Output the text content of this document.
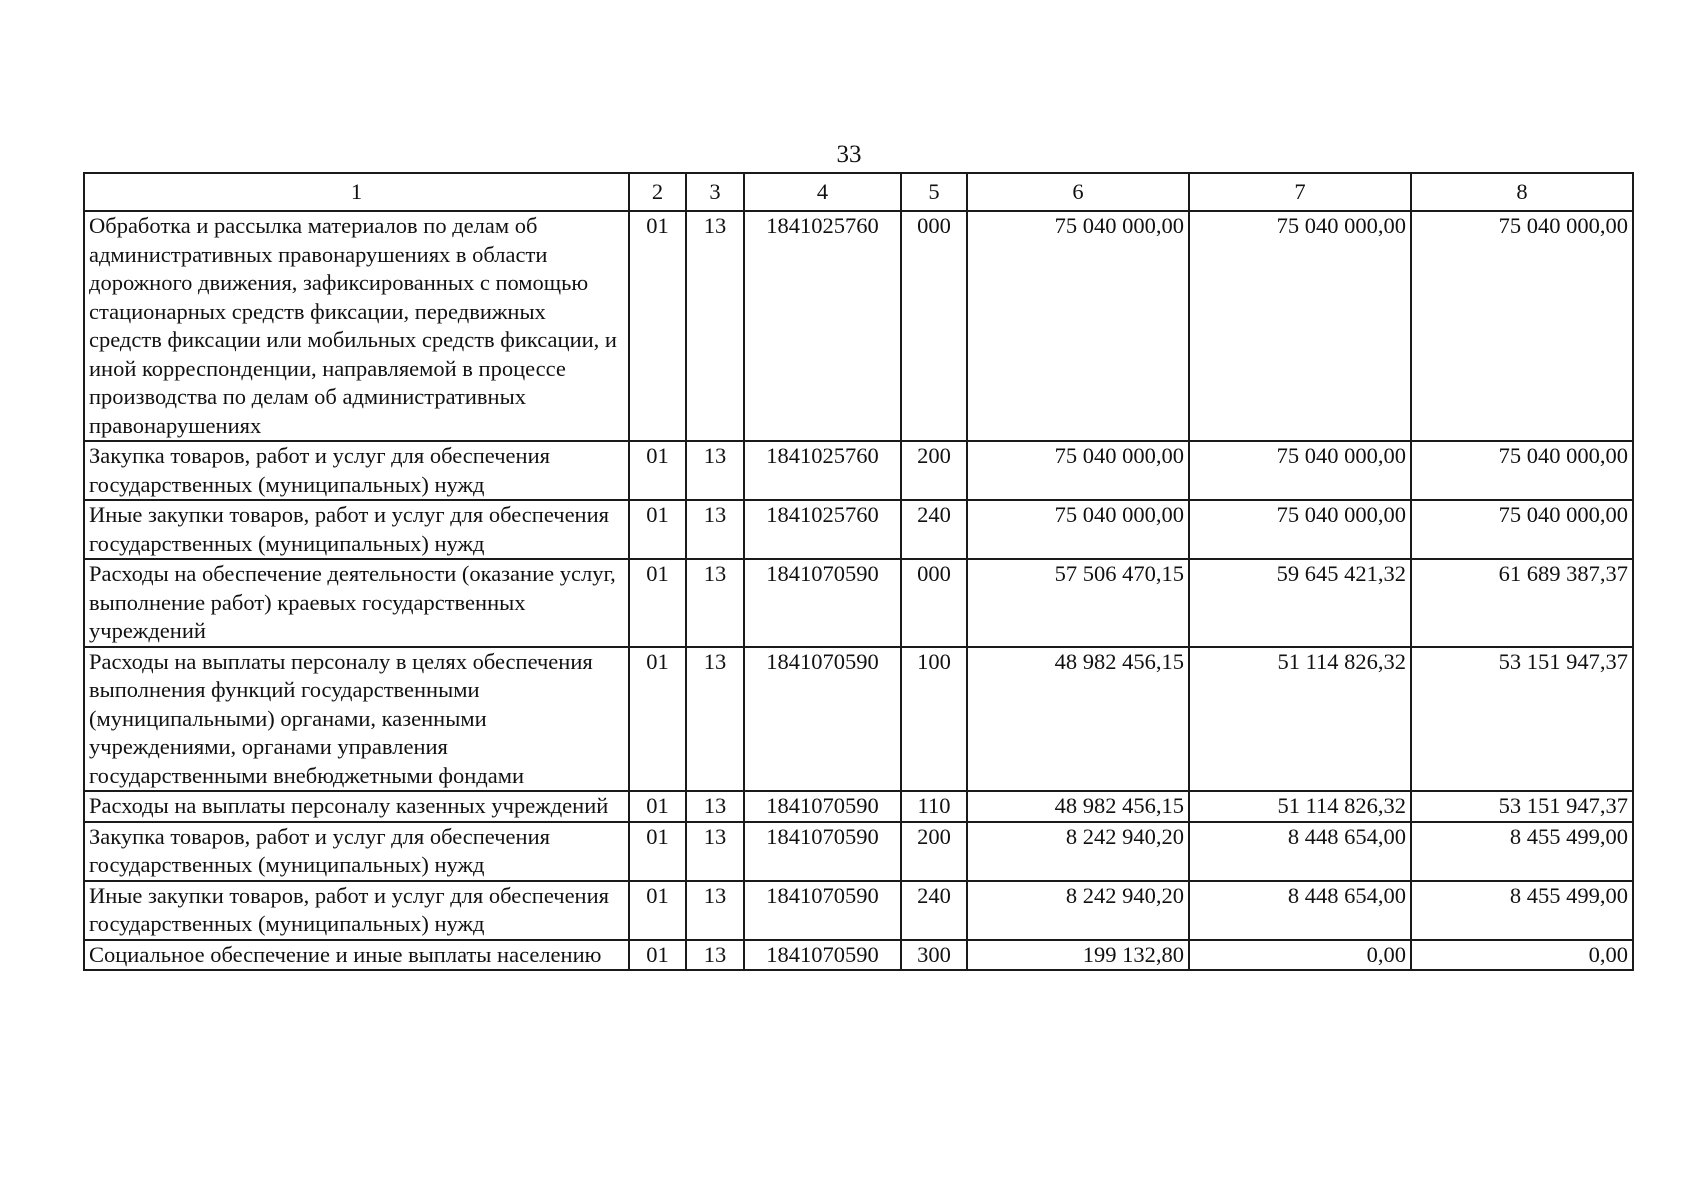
33
1	2	3	4	5	6	7	8
Обработка и рассылка материалов по делам об административных правонарушениях в области дорожного движения, зафиксированных с помощью стационарных средств фиксации, передвижных средств фиксации или мобильных средств фиксации, и иной корреспонденции, направляемой в процессе производства по делам об административных правонарушениях	01	13	1841025760	000	75 040 000,00	75 040 000,00	75 040 000,00
Закупка товаров, работ и услуг для обеспечения государственных (муниципальных) нужд	01	13	1841025760	200	75 040 000,00	75 040 000,00	75 040 000,00
Иные закупки товаров, работ и услуг для обеспечения государственных (муниципальных) нужд	01	13	1841025760	240	75 040 000,00	75 040 000,00	75 040 000,00
Расходы на обеспечение деятельности (оказание услуг, выполнение работ) краевых государственных учреждений	01	13	1841070590	000	57 506 470,15	59 645 421,32	61 689 387,37
Расходы на выплаты персоналу в целях обеспечения выполнения функций государственными (муниципальными) органами, казенными учреждениями, органами управления государственными внебюджетными фондами	01	13	1841070590	100	48 982 456,15	51 114 826,32	53 151 947,37
Расходы на выплаты персоналу казенных учреждений	01	13	1841070590	110	48 982 456,15	51 114 826,32	53 151 947,37
Закупка товаров, работ и услуг для обеспечения государственных (муниципальных) нужд	01	13	1841070590	200	8 242 940,20	8 448 654,00	8 455 499,00
Иные закупки товаров, работ и услуг для обеспечения государственных (муниципальных) нужд	01	13	1841070590	240	8 242 940,20	8 448 654,00	8 455 499,00
Социальное обеспечение и иные выплаты населению	01	13	1841070590	300	199 132,80	0,00	0,00
